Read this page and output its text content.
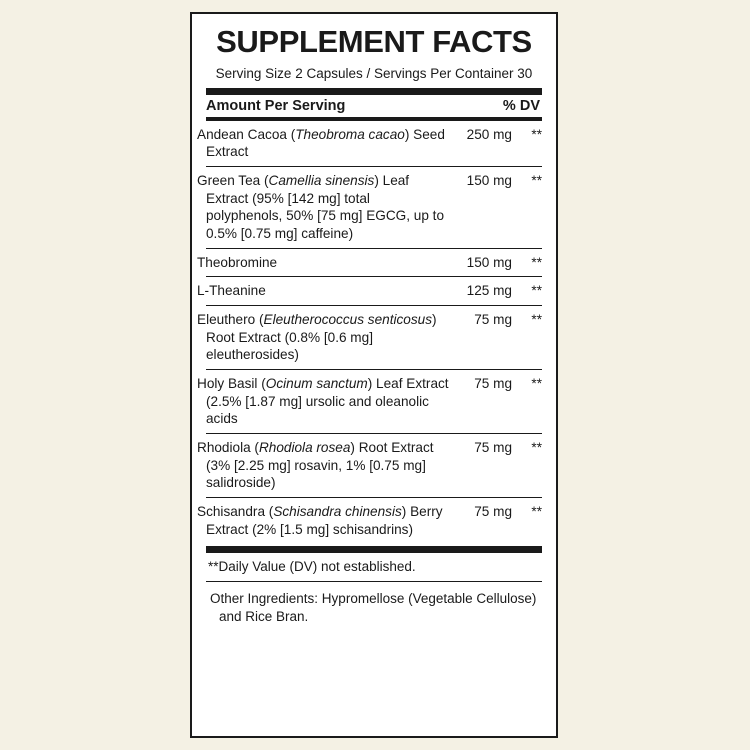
SUPPLEMENT FACTS
Serving Size 2 Capsules / Servings Per Container 30
Amount Per Serving	% DV
Andean Cacoa (Theobroma cacao) Seed Extract	250 mg	**
Green Tea (Camellia sinensis) Leaf Extract (95% [142 mg] total polyphenols, 50% [75 mg] EGCG, up to 0.5% [0.75 mg] caffeine)	150 mg	**
Theobromine	150 mg	**
L-Theanine	125 mg	**
Eleuthero (Eleutherococcus senticosus) Root Extract (0.8% [0.6 mg] eleutherosides)	75 mg	**
Holy Basil (Ocinum sanctum) Leaf Extract (2.5% [1.87 mg] ursolic and oleanolic acids	75 mg	**
Rhodiola (Rhodiola rosea) Root Extract (3% [2.25 mg] rosavin, 1% [0.75 mg] salidroside)	75 mg	**
Schisandra (Schisandra chinensis) Berry Extract (2% [1.5 mg] schisandrins)	75 mg	**
**Daily Value (DV) not established.
Other Ingredients: Hypromellose (Vegetable Cellulose) and Rice Bran.
